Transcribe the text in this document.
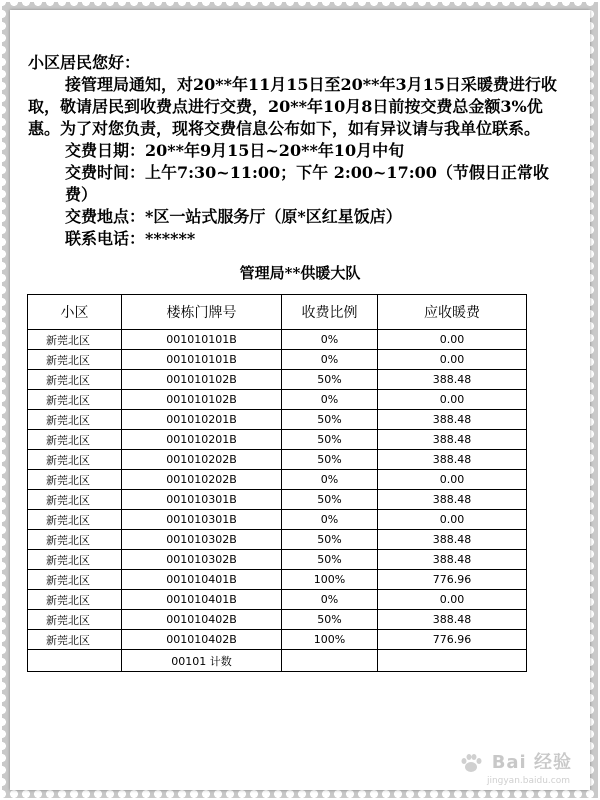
小区居民您好：
接管理局通知，对20**年11月15日至20**年3月15日采暖费进行收取，敬请居民到收费点进行交费，20**年10月8日前按交费总金额3%优惠。为了对您负责，现将交费信息公布如下，如有异议请与我单位联系。
交费日期：20**年9月15日~20**年10月中旬
交费时间：上午7:30~11:00；下午 2:00~17:00（节假日正常收费）
交费地点：*区一站式服务厅（原*区红星饭店）
联系电话：******
管理局**供暖大队
小区	楼栋门牌号	收费比例	应收暖费
新莞北区	001010101B	0%	0.00
新莞北区	001010101B	0%	0.00
新莞北区	001010102B	50%	388.48
新莞北区	001010102B	0%	0.00
新莞北区	001010201B	50%	388.48
新莞北区	001010201B	50%	388.48
新莞北区	001010202B	50%	388.48
新莞北区	001010202B	0%	0.00
新莞北区	001010301B	50%	388.48
新莞北区	001010301B	0%	0.00
新莞北区	001010302B	50%	388.48
新莞北区	001010302B	50%	388.48
新莞北区	001010401B	100%	776.96
新莞北区	001010401B	0%	0.00
新莞北区	001010402B	50%	388.48
新莞北区	001010402B	100%	776.96
	00101 计数		
Bai 经验
jingyan.baidu.com
